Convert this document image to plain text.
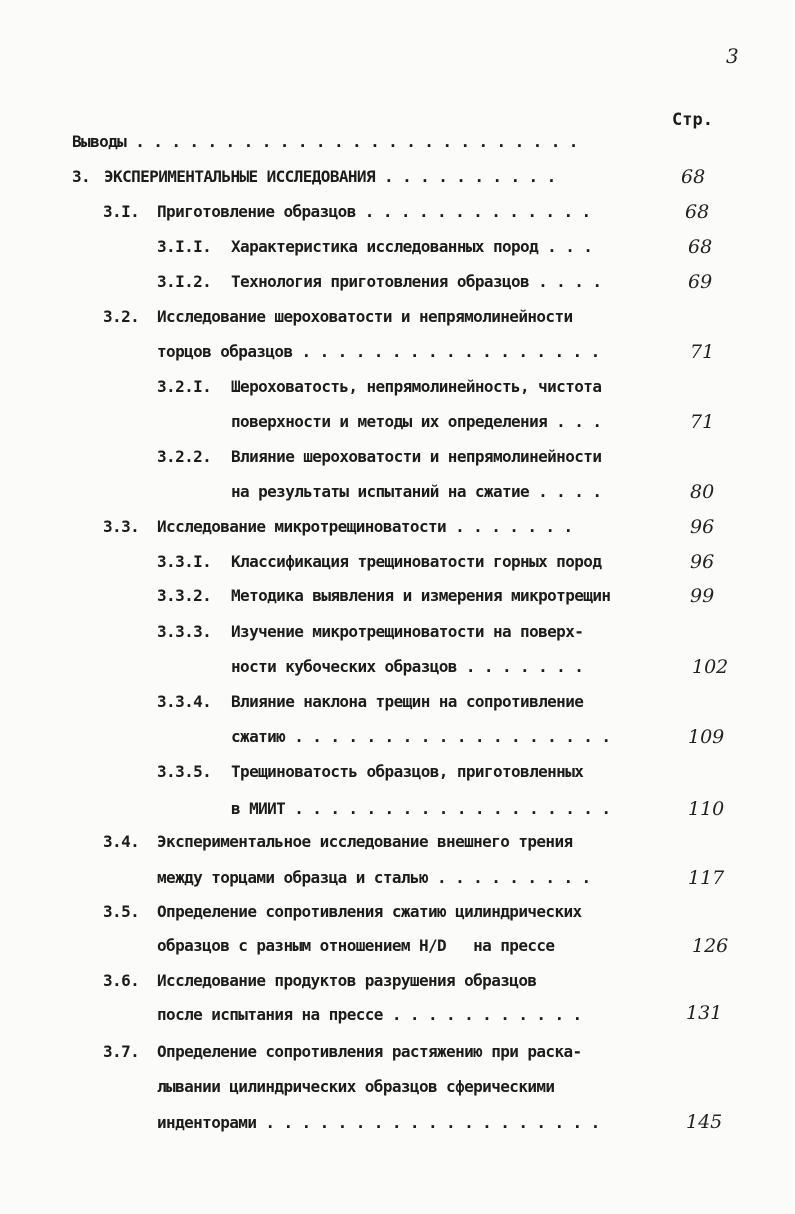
3
Стр.
Выводы . . . . . . . . . . . . . . . . . . . . . . . . .
3. ЭКСПЕРИМЕНТАЛЬНЫЕ ИССЛЕДОВАНИЯ . . . . . . . . . .	68
3.I. Приготовление образцов . . . . . . . . . . . . .	68
3.I.I. Характеристика исследованных пород . . .	68
3.I.2. Технология приготовления образцов . . . .	69
3.2. Исследование шероховатости и непрямолинейности
торцов образцов . . . . . . . . . . . . . . . . .	71
3.2.I. Шероховатость, непрямолинейность, чистота
поверхности и методы их определения . . .	71
3.2.2. Влияние шероховатости и непрямолинейности
на результаты испытаний на сжатие . . . .	80
3.3. Исследование микротрещиноватости . . . . . . .	96
3.3.I. Классификация трещиноватости горных пород	96
3.3.2. Методика выявления и измерения микротрещин	99
3.3.3. Изучение микротрещиноватости на поверх-
ности кубоческих образцов . . . . . . .	102
3.3.4. Влияние наклона трещин на сопротивление
сжатию . . . . . . . . . . . . . . . . . .	109
3.3.5. Трещиноватость образцов, приготовленных
в МИИТ . . . . . . . . . . . . . . . . . .	110
3.4. Экспериментальное исследование внешнего трения
между торцами образца и сталью . . . . . . . . .	117
3.5. Определение сопротивления сжатию цилиндрических
образцов с разным отношением H/D   на прессе	126
3.6. Исследование продуктов разрушения образцов
после испытания на прессе . . . . . . . . . . .	131
3.7. Определение сопротивления растяжению при раска-
лывании цилиндрических образцов сферическими
инденторами . . . . . . . . . . . . . . . . . . .	145
